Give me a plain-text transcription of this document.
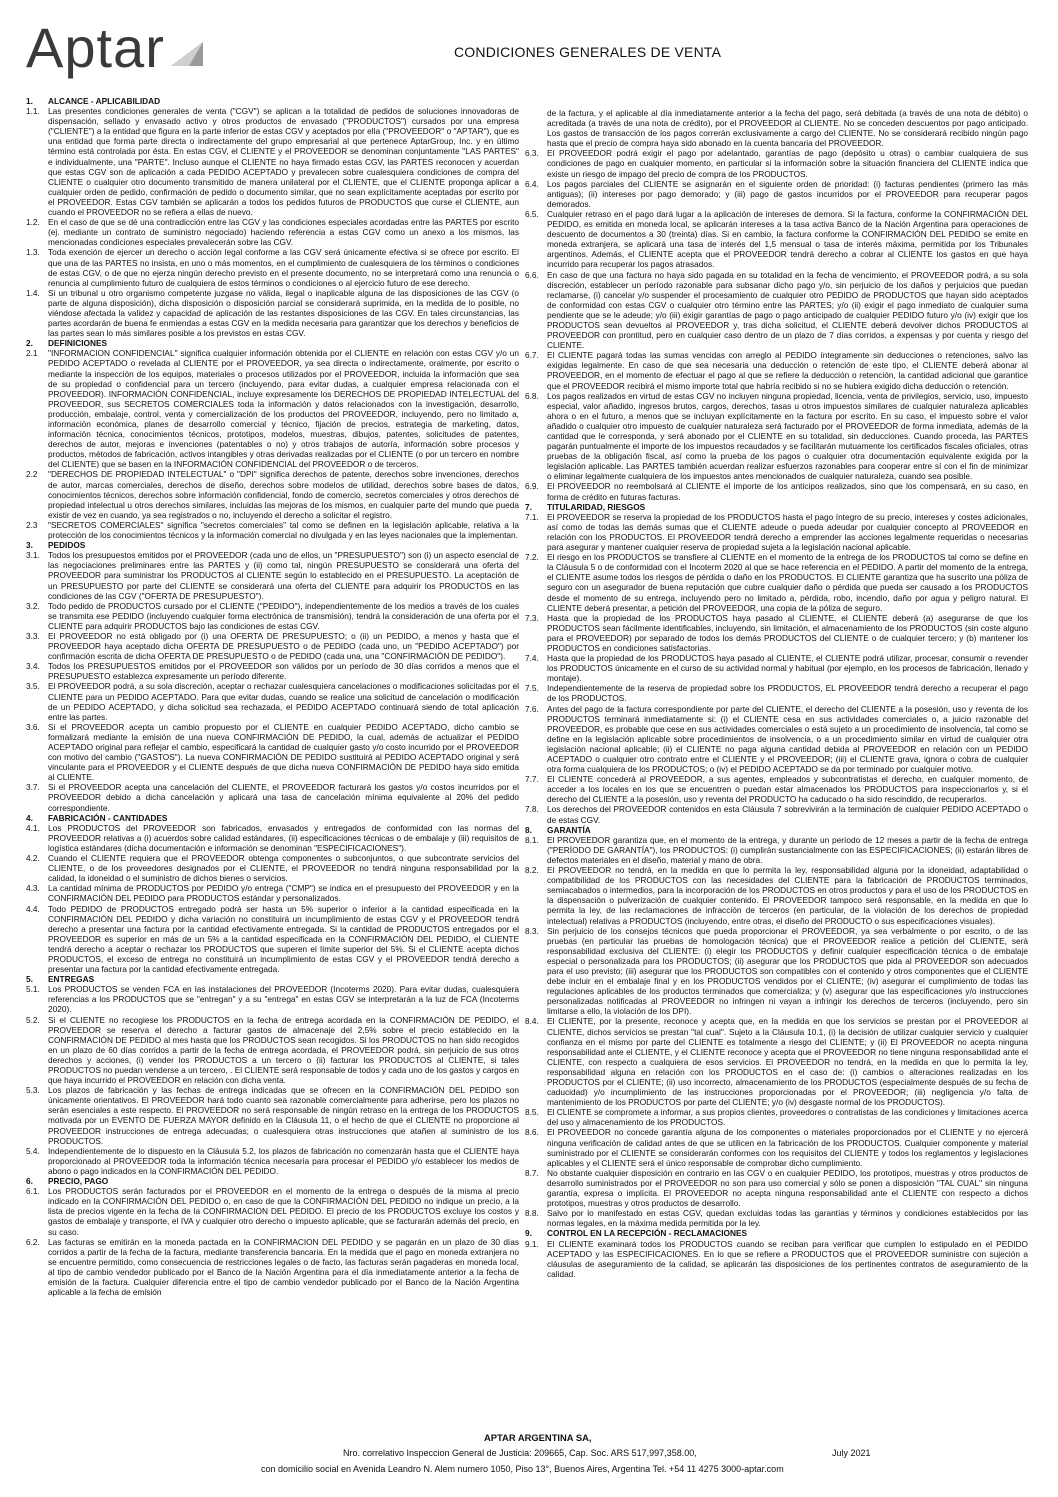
Aptar	CONDICIONES GENERALES DE VENTA
1.	ALCANCE - APLICABILIDAD
1.1. Las presentes condiciones generales de venta ("CGV") se aplican a la totalidad de pedidos de soluciones innovadoras de dispensación, sellado y envasado activo y otros productos de envasado ("PRODUCTOS") cursados por una empresa ("CLIENTE") a la entidad que figura en la parte inferior de estas CGV y aceptados por ella ("PROVEEDOR" o "APTAR"), que es una entidad que forma parte directa o indirectamente del grupo empresarial al que pertenece AptarGroup, Inc. y en último término está controlada por ésta. En estas CGV, el CLIENTE y el PROVEEDOR se denominan conjuntamente "LAS PARTES" e individualmente, una "PARTE". Incluso aunque el CLIENTE no haya firmado estas CGV, las PARTES reconocen y acuerdan que estas CGV son de aplicación a cada PEDIDO ACEPTADO y prevalecen sobre cualesquiera condiciones de compra del CLIENTE o cualquier otro documento transmitido de manera unilateral por el CLIENTE, que el CLIENTE proponga aplicar a cualquier orden de pedido, confirmación de pedido o documento similar, que no sean explícitamente aceptadas por escrito por el PROVEEDOR. Estas CGV también se aplicarán a todos los pedidos futuros de PRODUCTOS que curse el CLIENTE, aun cuando el PROVEEDOR no se refiera a ellas de nuevo.
1.2. En el caso de que se dé una contradicción entre las CGV y las condiciones especiales acordadas entre las PARTES por escrito (ej. mediante un contrato de suministro negociado) haciendo referencia a estas CGV como un anexo a los mismos, las mencionadas condiciones especiales prevalecerán sobre las CGV.
1.3. Toda exención de ejercer un derecho o acción legal conforme a las CGV será únicamente efectiva si se ofrece por escrito. El que una de las PARTES no insista, en uno o más momentos, en el cumplimiento de cualesquiera de los términos o condiciones de estas CGV, o de que no ejerza ningún derecho previsto en el presente documento, no se interpretará como una renuncia o renuncia al cumplimiento futuro de cualquiera de estos términos o condiciones o al ejercicio futuro de ese derecho.
1.4. Si un tribunal u otro organismo competente juzgase no válida, ilegal o inaplicable alguna de las disposiciones de las CGV (o parte de alguna disposición), dicha disposición o disposición parcial se considerará suprimida, en la medida de lo posible, no viéndose afectada la validez y capacidad de aplicación de las restantes disposiciones de las CGV. En tales circunstancias, las partes acordarán de buena fe enmiendas a estas CGV en la medida necesaria para garantizar que los derechos y beneficios de las partes sean lo más similares posible a los previstos en estas CGV.
2.	DEFINICIONES
2.1	"INFORMACION CONFIDENCIAL" significa cualquier información obtenida por el CLIENTE en relación con estas CGV y/o un PEDIDO ACEPTADO o revelada al CLIENTE por el PROVEEDOR, ya sea directa o indirectamente, oralmente, por escrito o mediante la inspección de los equipos, materiales o procesos utilizados por el PROVEEDOR, incluida la información que sea de su propiedad o confidencial para un tercero (incluyendo, para evitar dudas, a cualquier empresa relacionada con el PROVEEDOR). INFORMACIÓN CONFIDENCIAL, incluye expresamente los DERECHOS DE PROPIEDAD INTELECTUAL del PROVEEDOR, sus SECRETOS COMERCIALES toda la información y datos relacionados con la investigación, desarrollo, producción, embalaje, control, venta y comercialización de los productos del PROVEEDOR, incluyendo, pero no limitado a, información económica, planes de desarrollo comercial y técnico, fijación de precios, estrategia de marketing, datos, información técnica, conocimientos técnicos, prototipos, modelos, muestras, dibujos, patentes, solicitudes de patentes, derechos de autor, mejoras e invenciones (patentables o no) y otros trabajos de autoría, información sobre procesos y productos, métodos de fabricación, activos intangibles y otras derivadas realizadas por el CLIENTE (o por un tercero en nombre del CLIENTE) que se basen en la INFORMACIÓN CONFIDENCIAL del PROVEEDOR o de terceros.
2.2	"DERECHOS DE PROPIEDAD INTELECTUAL" o "DPI" significa derechos de patente, derechos sobre invenciones, derechos de autor, marcas comerciales, derechos de diseño, derechos sobre modelos de utilidad, derechos sobre bases de datos, conocimientos técnicos, derechos sobre información confidencial, fondo de comercio, secretos comerciales y otros derechos de propiedad intelectual u otros derechos similares, incluidas las mejoras de los mismos, en cualquier parte del mundo que pueda existir de vez en cuando, ya sea registrados o no, incluyendo el derecho a solicitar el registro.
2.3	"SECRETOS COMERCIALES" significa "secretos comerciales" tal como se definen en la legislación aplicable, relativa a la protección de los conocimientos técnicos y la información comercial no divulgada y en las leyes nacionales que la implementan.
3.	PEDIDOS
3.1. Todos los presupuestos emitidos por el PROVEEDOR (cada uno de ellos, un "PRESUPUESTO") son (i) un aspecto esencial de las negociaciones preliminares entre las PARTES y (ii) como tal, ningún PRESUPUESTO se considerará una oferta del PROVEEDOR para suministrar los PRODUCTOS al CLIENTE según lo establecido en el PRESUPUESTO. La aceptación de un PRESUPUESTO por parte del CLIENTE se considerará una oferta del CLIENTE para adquirir los PRODUCTOS en las condiciones de las CGV ("OFERTA DE PRESUPUESTO").
3.2. Todo pedido de PRODUCTOS cursado por el CLIENTE ("PEDIDO"), independientemente de los medios a través de los cuales se transmita ese PEDIDO (incluyendo cualquier forma electrónica de transmisión), tendrá la consideración de una oferta por el CLIENTE para adquirir PRODUCTOS bajo las condiciones de estas CGV.
3.3. El PROVEEDOR no está obligado por (i) una OFERTA DE PRESUPUESTO; o (ii) un PEDIDO, a menos y hasta que el PROVEEDOR haya aceptado dicha OFERTA DE PRESUPUESTO o de PEDIDO (cada uno, un "PEDIDO ACEPTADO") por confirmación escrita de dicha OFERTA DE PRESUPUESTO o de PEDIDO (cada una, una "CONFIRMACIÓN DE PEDIDO").
3.4. Todos los PRESUPUESTOS emitidos por el PROVEEDOR son válidos por un período de 30 días corridos a menos que el PRESUPUESTO establezca expresamente un período diferente.
3.5. El PROVEEDOR podrá, a su sola discreción, aceptar o rechazar cualesquiera cancelaciones o modificaciones solicitadas por el CLIENTE para un PEDIDO ACEPTADO. Para que evitar dudas, cuando se realice una solicitud de cancelación o modificación de un PEDIDO ACEPTADO, y dicha solicitud sea rechazada, el PEDIDO ACEPTADO continuará siendo de total aplicación entre las partes.
3.6. Si el PROVEEDOR acepta un cambio propuesto por el CLIENTE en cualquier PEDIDO ACEPTADO, dicho cambio se formalizará mediante la emisión de una nueva CONFIRMACIÓN DE PEDIDO, la cual, además de actualizar el PEDIDO ACEPTADO original para reflejar el cambio, especificará la cantidad de cualquier gasto y/o costo incurrido por el PROVEEDOR con motivo del cambio ("GASTOS"). La nueva CONFIRMACIÓN DE PEDIDO sustituirá al PEDIDO ACEPTADO original y será vinculante para el PROVEEDOR y el CLIENTE después de que dicha nueva CONFIRMACIÓN DE PEDIDO haya sido emitida al CLIENTE.
3.7. Si el PROVEEDOR acepta una cancelación del CLIENTE, el PROVEEDOR facturará los gastos y/o costos incurridos por el PROVEEDOR debido a dicha cancelación y aplicará una tasa de cancelación mínima equivalente al 20% del pedido correspondiente.
4.	FABRICACIÓN - CANTIDADES
4.1. Los PRODUCTOS del PROVEEDOR son fabricados, envasados y entregados de conformidad con las normas del PROVEEDOR relativas a (i) acuerdos sobre calidad estándares, (ii) especificaciones técnicas o de embalaje y (iii) requisitos de logística estándares (dicha documentación e información se denominan "ESPECIFICACIONES").
4.2. Cuando el CLIENTE requiera que el PROVEEDOR obtenga componentes o subconjuntos, o que subcontrate servicios del CLIENTE, o de los proveedores designados por el CLIENTE, el PROVEEDOR no tendrá ninguna responsabilidad por la calidad, la idoneidad o el suministro de dichos bienes o servicios.
4.3. La cantidad mínima de PRODUCTOS por PEDIDO y/o entrega ("CMP") se indica en el presupuesto del PROVEEDOR y en la CONFIRMACIÓN DEL PEDIDO para PRODUCTOS estándar y personalizados.
4.4. Todo PEDIDO de PRODUCTOS entregado podrá ser hasta un 5% superior o inferior a la cantidad especificada en la CONFIRMACIÓN DEL PEDIDO y dicha variación no constituirá un incumplimiento de estas CGV y el PROVEEDOR tendrá derecho a presentar una factura por la cantidad efectivamente entregada. Si la cantidad de PRODUCTOS entregados por el PROVEEDOR es superior en más de un 5% a la cantidad especificada en la CONFIRMACIÓN DEL PEDIDO, el CLIENTE tendrá derecho a aceptar o rechazar los PRODUCTOS que superen el límite superior del 5%. Si el CLIENTE acepta dichos PRODUCTOS, el exceso de entrega no constituirá un incumplimiento de estas CGV y el PROVEEDOR tendrá derecho a presentar una factura por la cantidad efectivamente entregada.
5.	ENTREGAS
5.1. Los PRODUCTOS se venden FCA en las instalaciones del PROVEEDOR (Incoterms 2020). Para evitar dudas, cualesquiera referencias a los PRODUCTOS que se "entregan" y a su "entrega" en estas CGV se interpretarán a la luz de FCA (Incoterms 2020).
5.2. Si el CLIENTE no recogiese los PRODUCTOS en la fecha de entrega acordada en la CONFIRMACIÓN DE PEDIDO, el PROVEEDOR se reserva el derecho a facturar gastos de almacenaje del 2,5% sobre el precio establecido en la CONFIRMACIÓN DE PEDIDO al mes hasta que los PRODUCTOS sean recogidos. Si los PRODUCTOS no han sido recogidos en un plazo de 60 días corridos a partir de la fecha de entrega acordada, el PROVEEDOR podrá, sin perjuicio de sus otros derechos y acciones, (i) vender los PRODUCTOS a un tercero o (ii) facturar los PRODUCTOS al CLIENTE, si tales PRODUCTOS no puedan venderse a un tercero, . El CLIENTE será responsable de todos y cada uno de los gastos y cargos en que haya incurrido el PROVEEDOR en relación con dicha venta.
5.3. Los plazos de fabricación y las fechas de entrega indicadas que se ofrecen en la CONFIRMACIÓN DEL PEDIDO son únicamente orientativos. El PROVEEDOR hará todo cuanto sea razonable comercialmente para adherirse, pero los plazos no serán esenciales a este respecto. El PROVEEDOR no será responsable de ningún retraso en la entrega de los PRODUCTOS motivada por un EVENTO DE FUERZA MAYOR definido en la Cláusula 11, o el hecho de que el CLIENTE no proporcione al PROVEEDOR instrucciones de entrega adecuadas; o cualesquiera otras instrucciones que atañen al suministro de los PRODUCTOS.
5.4. Independientemente de lo dispuesto en la Cláusula 5.2, los plazos de fabricación no comenzarán hasta que el CLIENTE haya proporcionado al PROVEEDOR toda la información técnica necesaria para procesar el PEDIDO y/o establecer los medios de abono o pago indicados en la CONFIRMACIÓN DEL PEDIDO.
6.	PRECIO, PAGO
6.1. Los PRODUCTOS serán facturados por el PROVEEDOR en el momento de la entrega o después de la misma al precio indicado en la CONFIRMACIÓN DEL PEDIDO o, en caso de que la CONFIRMACIÓN DEL PEDIDO no indique un precio, a la lista de precios vigente en la fecha de la CONFIRMACION DEL PEDIDO. El precio de los PRODUCTOS excluye los costos y gastos de embalaje y transporte, el IVA y cualquier otro derecho o impuesto aplicable, que se facturarán además del precio, en su caso.
6.2. Las facturas se emitirán en la moneda pactada en la CONFIRMACION DEL PEDIDO y se pagarán en un plazo de 30 días corridos a partir de la fecha de la factura, mediante transferencia bancaria. En la medida que el pago en moneda extranjera no se encuentre permitido, como consecuencia de restricciones legales o de facto, las facturas serán pagaderas en moneda local, al tipo de cambio vendedor publicado por el Banco de la Nación Argentina para el día inmediatamente anterior a la fecha de emisión de la factura. Cualquier diferencia entre el tipo de cambio vendedor publicado por el Banco de la Nación Argentina aplicable a la fecha de emisión

de la factura, y el aplicable al día inmediatamente anterior a la fecha del pago, será debitada (a través de una nota de débito) o acreditada (a través de una nota de crédito), por el PROVEEDOR al CLIENTE. No se conceden descuentos por pago anticipado. Los gastos de transacción de los pagos correrán exclusivamente a cargo del CLIENTE. No se considerará recibido ningún pago hasta que el precio de compra haya sido abonado en la cuenta bancaria del PROVEEDOR.

6.3. El PROVEEDOR podrá exigir el pago por adelantado, garantías de pago (depósito u otras) o cambiar cualquiera de sus condiciones de pago en cualquier momento, en particular si la información sobre la situación financiera del CLIENTE indica que existe un riesgo de impago del precio de compra de los PRODUCTOS.
6.4. Los pagos parciales del CLIENTE se asignarán en el siguiente orden de prioridad: (i) facturas pendientes (primero las más antiguas); (ii) intereses por pago demorado; y (iii) pago de gastos incurridos por el PROVEEDOR para recuperar pagos demorados.
6.5. Cualquier retraso en el pago dará lugar a la aplicación de intereses de demora. Si la factura, conforme la CONFIRMACIÓN DEL PEDIDO, es emitida en moneda local, se aplicarán intereses a la tasa activa Banco de la Nación Argentina para operaciones de descuento de documentos a 30 (treinta) días. Si en cambio, la factura conforme la CONFIRMACIÓN DEL PEDIDO se emite en moneda extranjera, se aplicará una tasa de interés del 1,5 mensual o tasa de interés máxima, permitida por los Tribunales argentinos. Además, el CLIENTE acepta que el PROVEEDOR tendrá derecho a cobrar al CLIENTE los gastos en que haya incurrido para recuperar los pagos atrasados.
6.6. En caso de que una factura no haya sido pagada en su totalidad en la fecha de vencimiento, el PROVEEDOR podrá, a su sola discreción, establecer un período razonable para subsanar dicho pago y/o, sin perjuicio de los daños y perjuicios que puedan reclamarse, (i) cancelar y/o suspender el procesamiento de cualquier otro PEDIDO de PRODUCTOS que hayan sido aceptados de conformidad con estas CGV o cualquier otro término entre las PARTES; y/o (ii) exigir el pago inmediato de cualquier suma pendiente que se le adeude; y/o (iii) exigir garantías de pago o pago anticipado de cualquier PEDIDO futuro y/o (iv) exigir que los PRODUCTOS sean devueltos al PROVEEDOR y, tras dicha solicitud, el CLIENTE deberá devolver dichos PRODUCTOS al PROVEEDOR con prontitud, pero en cualquier caso dentro de un plazo de 7 días corridos, a expensas y por cuenta y riesgo del CLIENTE.
6.7. El CLIENTE pagará todas las sumas vencidas con arreglo al PEDIDO íntegramente sin deducciones o retenciones, salvo las exigidas legalmente. En caso de que sea necesaria una deducción o retención de este tipo, el CLIENTE deberá abonar al PROVEEDOR, en el momento de efectuar el pago al que se refiere la deducción o retención, la cantidad adicional que garantice que el PROVEEDOR recibirá el mismo importe total que habría recibido si no se hubiera exigido dicha deducción o retención.
6.8. Los pagos realizados en virtud de estas CGV no incluyen ninguna propiedad, licencia, venta de privilegios, servicio, uso, impuesto especial, valor añadido, ingresos brutos, cargos, derechos, tasas u otros impuestos similares de cualquier naturaleza aplicables ahora o en el futuro, a menos que se incluyan explícitamente en la factura por escrito. En su caso, el impuesto sobre el valor añadido o cualquier otro impuesto de cualquier naturaleza será facturado por el PROVEEDOR de forma inmediata, además de la cantidad que le corresponda, y será abonado por el CLIENTE en su totalidad, sin deducciones. Cuando proceda, las PARTES pagarán puntualmente el importe de los impuestos recaudados y se facilitarán mutuamente los certificados fiscales oficiales, otras pruebas de la obligación fiscal, así como la prueba de los pagos o cualquier otra documentación equivalente exigida por la legislación aplicable. Las PARTES también acuerdan realizar esfuerzos razonables para cooperar entre sí con el fin de minimizar o eliminar legalmente cualquiera de los impuestos antes mencionados de cualquier naturaleza, cuando sea posible.
6.9. El PROVEEDOR no reembolsará al CLIENTE el importe de los anticipos realizados, sino que los compensará, en su caso, en forma de crédito en futuras facturas.
7.	TITULARIDAD, RIESGOS
7.1. El PROVEEDOR se reserva la propiedad de los PRODUCTOS hasta el pago íntegro de su precio, intereses y costes adicionales, así como de todas las demás sumas que el CLIENTE adeude o pueda adeudar por cualquier concepto al PROVEEDOR en relación con los PRODUCTOS. El PROVEEDOR tendrá derecho a emprender las acciones legalmente requeridas o necesarias para asegurar y mantener cualquier reserva de propiedad sujeta a la legislación nacional aplicable.
7.2. El riesgo en los PRODUCTOS se transfiere al CLIENTE en el momento de la entrega de los PRODUCTOS tal como se define en la Cláusula 5 o de conformidad con el Incoterm 2020 al que se hace referencia en el PEDIDO. A partir del momento de la entrega, el CLIENTE asume todos los riesgos de pérdida o daño en los PRODUCTOS. El CLIENTE garantiza que ha suscrito una póliza de seguro con un asegurador de buena reputación que cubre cualquier daño o pérdida que pueda ser causado a los PRODUCTOS desde el momento de su entrega, incluyendo pero no limitado a, pérdida, robo, incendio, daño por agua y peligro natural. El CLIENTE deberá presentar, a petición del PROVEEDOR, una copia de la póliza de seguro.
7.3. Hasta que la propiedad de los PRODUCTOS haya pasado al CLIENTE, el CLIENTE deberá (a) asegurarse de que los PRODUCTOS sean fácilmente identificables, incluyendo, sin limitación, el almacenamiento de los PRODUCTOS (sin coste alguno para el PROVEEDOR) por separado de todos los demás PRODUCTOS del CLIENTE o de cualquier tercero; y (b) mantener los PRODUCTOS en condiciones satisfactorias.
7.4. Hasta que la propiedad de los PRODUCTOS haya pasado al CLIENTE, el CLIENTE podrá utilizar, procesar, consumir o revender los PRODUCTOS únicamente en el curso de su actividad normal y habitual (por ejemplo, en los procesos de fabricación, llenado y montaje).
7.5. Independientemente de la reserva de propiedad sobre los PRODUCTOS, EL PROVEEDOR tendrá derecho a recuperar el pago de los PRODUCTOS.
7.6. Antes del pago de la factura correspondiente por parte del CLIENTE, el derecho del CLIENTE a la posesión, uso y reventa de los PRODUCTOS terminará inmediatamente si: (i) el CLIENTE cesa en sus actividades comerciales o, a juicio razonable del PROVEEDOR, es probable que cese en sus actividades comerciales o está sujeto a un procedimiento de insolvencia, tal como se define en la legislación aplicable sobre procedimientos de insolvencia, o a un procedimiento similar en virtud de cualquier otra legislación nacional aplicable; (ii) el CLIENTE no paga alguna cantidad debida al PROVEEDOR en relación con un PEDIDO ACEPTADO o cualquier otro contrato entre el CLIENTE y el PROVEEDOR; (iii) el CLIENTE grava, ignora o cobra de cualquier otra forma cualquiera de los PRODUCTOS; o (iv) el PEDIDO ACEPTADO se da por terminado por cualquier motivo.
7.7. El CLIENTE concederá al PROVEEDOR, a sus agentes, empleados y subcontratistas el derecho, en cualquier momento, de acceder a los locales en los que se encuentren o puedan estar almacenados los PRODUCTOS para inspeccionarlos y, si el derecho del CLIENTE a la posesión, uso y reventa del PRODUCTO ha caducado o ha sido rescindido, de recuperarlos.
7.8. Los derechos del PROVEEDOR contenidos en esta Cláusula 7 sobrevivirán a la terminación de cualquier PEDIDO ACEPTADO o de estas CGV.
8.	GARANTÍA
8.1. El PROVEEDOR garantiza que, en el momento de la entrega, y durante un período de 12 meses a partir de la fecha de entrega ("PERÍODO DE GARANTÍA"), los PRODUCTOS: (i) cumplirán sustancialmente con las ESPECIFICACIONES; (ii) estarán libres de defectos materiales en el diseño, material y mano de obra.
8.2. El PROVEEDOR no tendrá, en la medida en que lo permita la ley, responsabilidad alguna por la idoneidad, adaptabilidad o compatibilidad de los PRODUCTOS con las necesidades del CLIENTE para la fabricación de PRODUCTOS terminados, semiacabados o intermedios, para la incorporación de los PRODUCTOS en otros productos y para el uso de los PRODUCTOS en la dispensación o pulverización de cualquier contenido. El PROVEEDOR tampoco será responsable, en la medida en que lo permita la ley, de las reclamaciones de infracción de terceros (en particular, de la violación de los derechos de propiedad intelectual) relativas a PRODUCTOS (incluyendo, entre otras, el diseño del PRODUCTO o sus especificaciones visuales).
8.3. Sin perjuicio de los consejos técnicos que pueda proporcionar el PROVEEDOR, ya sea verbalmente o por escrito, o de las pruebas (en particular las pruebas de homologación técnica) que el PROVEEDOR realice a petición del CLIENTE, será responsabilidad exclusiva del CLIENTE: (i) elegir los PRODUCTOS y definir cualquier especificación técnica o de embalaje especial o personalizada para los PRODUCTOS; (ii) asegurar que los PRODUCTOS que pida al PROVEEDOR son adecuados para el uso previsto; (iii) asegurar que los PRODUCTOS son compatibles con el contenido y otros componentes que el CLIENTE debe incluir en el embalaje final y en los PRODUCTOS vendidos por el CLIENTE; (iv) asegurar el cumplimiento de todas las regulaciones aplicables de los productos terminados que comercializa; y (v) asegurar que las especificaciones y/o instrucciones personalizadas notificadas al PROVEEDOR no infringen ni vayan a infringir los derechos de terceros (incluyendo, pero sin limitarse a ello, la violación de los DPI).
8.4. El CLIENTE, por la presente, reconoce y acepta que, en la medida en que los servicios se prestan por el PROVEEDOR al CLIENTE, dichos servicios se prestan "tal cual". Sujeto a la Cláusula 10.1, (i) la decisión de utilizar cualquier servicio y cualquier confianza en el mismo por parte del CLIENTE es totalmente a riesgo del CLIENTE; y (ii) El PROVEEDOR no acepta ninguna responsabilidad ante el CLIENTE, y el CLIENTE reconoce y acepta que el PROVEEDOR no tiene ninguna responsabilidad ante el CLIENTE, con respecto a cualquiera de esos servicios. El PROVEEDOR no tendrá, en la medida en que lo permita la ley, responsabilidad alguna en relación con los PRODUCTOS en el caso de: (i) cambios o alteraciones realizadas en los PRODUCTOS por el CLIENTE; (ii) uso incorrecto, almacenamiento de los PRODUCTOS (especialmente después de su fecha de caducidad) y/o incumplimiento de las instrucciones proporcionadas por el PROVEEDOR; (iii) negligencia y/o falta de mantenimiento de los PRODUCTOS por parte del CLIENTE; y/o (iv) desgaste normal de los PRODUCTOS).
8.5. El CLIENTE se compromete a informar, a sus propios clientes, proveedores o contratistas de las condiciones y limitaciones acerca del uso y almacenamiento de los PRODUCTOS.
8.6. El PROVEEDOR no concede garantía alguna de los componentes o materiales proporcionados por el CLIENTE y no ejercerá ninguna verificación de calidad antes de que se utilicen en la fabricación de los PRODUCTOS. Cualquier componente y material suministrado por el CLIENTE se considerarán conformes con los requisitos del CLIENTE y todos los reglamentos y legislaciones aplicables y el CLIENTE será el único responsable de comprobar dicho cumplimiento.
8.7. No obstante cualquier disposición en contrario en las CGV o en cualquier PEDIDO, los prototipos, muestras y otros productos de desarrollo suministrados por el PROVEEDOR no son para uso comercial y sólo se ponen a disposición "TAL CUAL" sin ninguna garantía, expresa o implícita. El PROVEEDOR no acepta ninguna responsabilidad ante el CLIENTE con respecto a dichos prototipos, muestras y otros productos de desarrollo.
8.8. Salvo por lo manifestado en estas CGV, quedan excluidas todas las garantías y términos y condiciones establecidos por las normas legales, en la máxima medida permitida por la ley.
9.	CONTROL EN LA RECEPCIÓN - RECLAMACIONES
9.1. El CLIENTE examinará todos los PRODUCTOS cuando se reciban para verificar que cumplen lo estipulado en el PEDIDO ACEPTADO y las ESPECIFICACIONES. En lo que se refiere a PRODUCTOS que el PROVEEDOR suministre con sujeción a cláusulas de aseguramiento de la calidad, se aplicarán las disposiciones de los pertinentes contratos de aseguramiento de la calidad.
APTAR ARGENTINA SA,
Nro. correlativo Inspeccion General de Justicia: 209665, Cap. Soc. ARS 517,997,358.00,	July 2021
con domicilio social en Avenida Leandro N. Alem numero 1050, Piso 13°, Buenos Aires, Argentina Tel. +54 11 4275 3000-aptar.com
